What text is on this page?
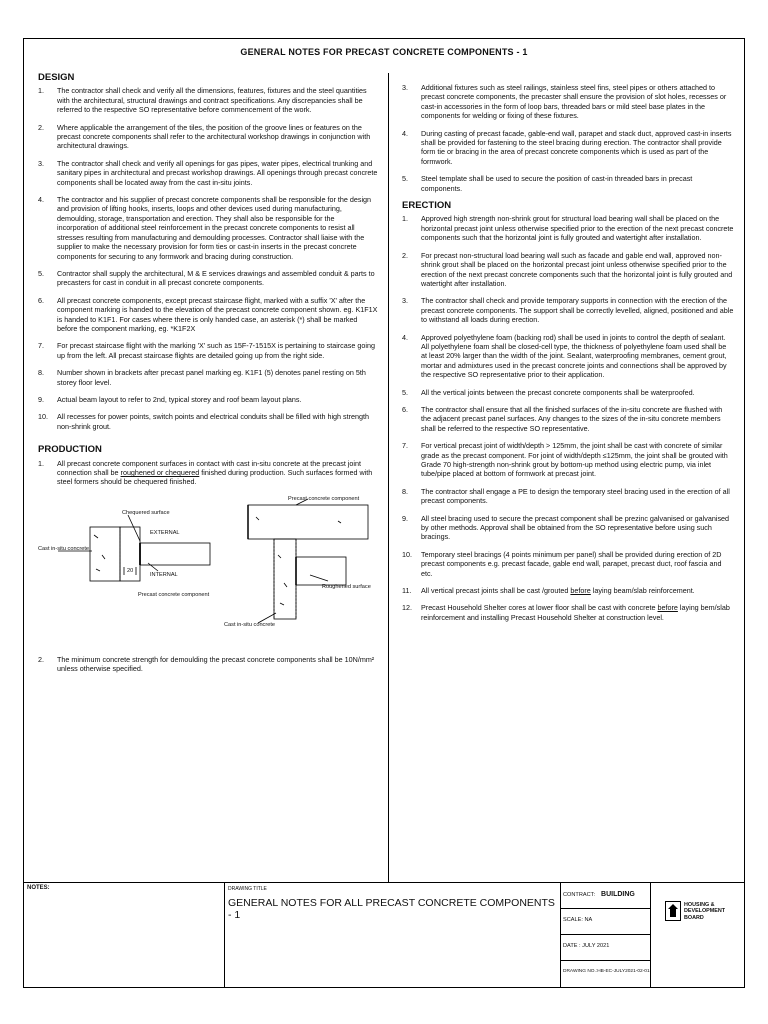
GENERAL NOTES FOR PRECAST CONCRETE COMPONENTS - 1
DESIGN
1. The contractor shall check and verify all the dimensions, features, fixtures and the steel quantities with the architectural, structural drawings and contract specifications. Any discrepancies shall be referred to the respective SO representative before commencement of the work.
2. Where applicable the arrangement of the tiles, the position of the groove lines or features on the precast concrete components shall refer to the architectural workshop drawings in conjunction with architectural drawings.
3. The contractor shall check and verify all openings for gas pipes, water pipes, electrical trunking and sanitary pipes in architectural and precast workshop drawings. All openings through precast concrete components shall be located away from the cast in-situ joints.
4. The contractor and his supplier of precast concrete components shall be responsible for the design and provision of lifting hooks, inserts, loops and other devices used during manufacturing, demoulding, storage, transportation and erection. They shall also be responsible for the incorporation of additional steel reinforcement in the precast concrete components to resist all stresses resulting from manufacturing and demoulding processes. Contractor shall liaise with the supplier to make the necessary provision for form ties or cast-in inserts in the precast concrete components for securing to any formwork and bracing during construction.
5. Contractor shall supply the architectural, M & E services drawings and assembled conduit & parts to precasters for cast in conduit in all precast concrete components.
6. All precast concrete components, except precast staircase flight, marked with a suffix 'X' after the component marking is handed to the elevation of the precast concrete component shown. eg. K1F1X is handed to K1F1. For cases where there is only handed case, an asterisk (*) shall be marked before the component marking, eg. *K1F2X
7. For precast staircase flight with the marking 'X' such as 15F-7-1515X is pertaining to staircase going up from the left. All precast staircase flights are detailed going up from the right side.
8. Number shown in brackets after precast panel marking eg. K1F1 (5) denotes panel resting on 5th storey floor level.
9. Actual beam layout to refer to 2nd, typical storey and roof beam layout plans.
10. All recesses for power points, switch points and electrical conduits shall be filled with high strength non-shrink grout.
PRODUCTION
1. All precast concrete component surfaces in contact with cast in-situ concrete at the precast joint connection shall be roughened or chequered finished during production. Such surfaces formed with steel formers should be chequered finished.
Chequered surface
EXTERNAL
Cast in-situ concrete
20
INTERNAL
Precast concrete component
Precast concrete component
Roughened surface
Cast in-situ concrete
2. The minimum concrete strength for demoulding the precast concrete components shall be 10N/mm² unless otherwise specified.
3. Additional fixtures such as steel railings, stainless steel fins, steel pipes or others attached to precast concrete components, the precaster shall ensure the provision of slot holes, recesses or cast-in accessories in the form of loop bars, threaded bars or mild steel base plates in the components for welding or fixing of these fixtures.
4. During casting of precast facade, gable-end wall, parapet and stack duct, approved cast-in inserts shall be provided for fastening to the steel bracing during erection. The contractor shall provide form tie or bracing in the area of precast concrete components which is used as part of the formwork.
5. Steel template shall be used to secure the position of cast-in threaded bars in precast components.
ERECTION
1. Approved high strength non-shrink grout for structural load bearing wall shall be placed on the horizontal precast joint unless otherwise specified prior to the erection of the next precast concrete components such that the horizontal joint is fully grouted and watertight after installation.
2. For precast non-structural load bearing wall such as facade and gable end wall, approved non-shrink grout shall be placed on the horizontal precast joint unless otherwise specified prior to the erection of the next precast concrete components such that the horizontal joint is fully grouted and watertight after installation.
3. The contractor shall check and provide temporary supports in connection with the erection of the precast concrete components. The support shall be correctly levelled, aligned, positioned and able to withstand all loads during erection.
4. Approved polyethylene foam (backing rod) shall be used in joints to control the depth of sealant. All polyethylene foam shall be closed-cell type, the thickness of polyethylene foam used shall be at least 20% larger than the width of the joint. Sealant, waterproofing membranes, cement grout, mortar and admixtures used in the precast concrete joints and connections shall be approved by the respective SO representative prior to their application.
5. All the vertical joints between the precast concrete components shall be waterproofed.
6. The contractor shall ensure that all the finished surfaces of the in-situ concrete are flushed with the adjacent precast panel surfaces. Any changes to the sizes of the in-situ concrete members shall be referred to the respective SO representative.
7. For vertical precast joint of width/depth > 125mm, the joint shall be cast with concrete of similar grade as the precast component. For joint of width/depth ≤125mm, the joint shall be grouted with Grade 70 high-strength non-shrink grout by bottom-up method using electric pump, via inlet tube/pipe placed at bottom of formwork at precast joint.
8. The contractor shall engage a PE to design the temporary steel bracing used in the erection of all precast components.
9. All steel bracing used to secure the precast component shall be prezinc galvanised or galvanised by other methods. Approval shall be obtained from the SO representative before using such bracings.
10. Temporary steel bracings (4 points minimum per panel) shall be provided during erection of 2D precast components e.g. precast facade, gable end wall, parapet, precast duct, roof fascia and etc.
11. All vertical precast joints shall be cast /grouted before laying beam/slab reinforcement.
12. Precast Household Shelter cores at lower floor shall be cast with concrete before laying bem/slab reinforcement and installing Precast Household Shelter at construction level.
NOTES:	DRAWING TITLE
GENERAL NOTES FOR ALL PRECAST CONCRETE COMPONENTS - 1
CONTRACT: BUILDING
SCALE: NA
DATE : JULY 2021
DRAWING NO.:HB-EC-JULY2021-02-01
HOUSING &
DEVELOPMENT
BOARD
